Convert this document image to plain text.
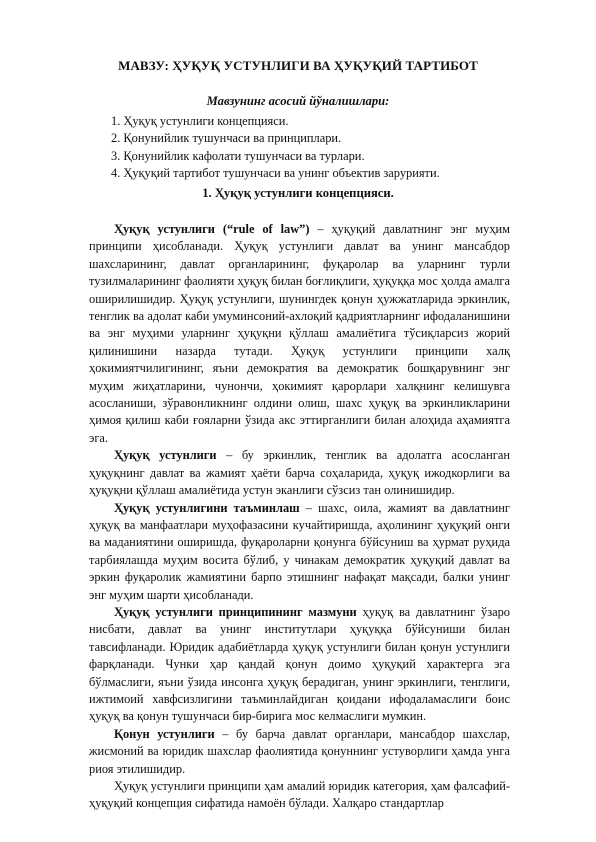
МАВЗУ: ҲУҚУҚ УСТУНЛИГИ ВА ҲУҚУҚИЙ ТАРТИБОТ
Мавзунинг асосий йўналишлари:
1. Ҳуқуқ устунлиги концепцияси.
2. Қонунийлик тушунчаси ва принциплари.
3. Қонунийлик кафолати тушунчаси ва турлари.
4. Ҳуқуқий тартибот тушунчаси ва унинг объектив зарурияти.
1. Ҳуқуқ устунлиги концепцияси.

Ҳуқуқ устунлиги (“rule of law”) – ҳуқуқий давлатнинг энг муҳим принципи ҳисобланади. Ҳуқуқ устунлиги давлат ва унинг мансабдор шахсларининг, давлат органларининг, фуқаролар ва уларнинг турли тузилмаларининг фаолияти ҳуқуқ билан боғлиқлиги, ҳуқуққа мос ҳолда амалга оширилишидир. Ҳуқуқ устунлиги, шунингдек қонун ҳужжатларида эркинлик, тенглик ва адолат каби умуминсоний-ахлоқий қадриятларнинг ифодаланишини ва энг муҳими уларнинг ҳуқуқни қўллаш амалиётига тўсиқларсиз жорий қилинишини назарда тутади. Ҳуқуқ устунлиги принципи халқ ҳокимиятчилигининг, яъни демократия ва демократик бошқарувнинг энг муҳим жиҳатларини, чунончи, ҳокимият қарорлари халқнинг келишувга асосланиши, зўравонликнинг олдини олиш, шахс ҳуқуқ ва эркинликларини ҳимоя қилиш каби ғояларни ўзида акс эттирганлиги билан алоҳида аҳамиятга эга.

Ҳуқуқ устунлиги – бу эркинлик, тенглик ва адолатга асосланган ҳуқуқнинг давлат ва жамият ҳаёти барча соҳаларида, ҳуқуқ ижодкорлиги ва ҳуқуқни қўллаш амалиётида устун эканлиги сўзсиз тан олинишидир.

Ҳуқуқ устунлигини таъминлаш – шахс, оила, жамият ва давлатнинг ҳуқуқ ва манфаатлари муҳофазасини кучайтиришда, аҳолининг ҳуқуқий онги ва маданиятини оширишда, фуқароларни қонунга бўйсуниш ва ҳурмат руҳида тарбиялашда муҳим восита бўлиб, у чинакам демократик ҳуқуқий давлат ва эркин фуқаролик жамиятини барпо этишнинг нафақат мақсади, балки унинг энг муҳим шарти ҳисобланади.

Ҳуқуқ устунлиги принципининг мазмуни ҳуқуқ ва давлатнинг ўзаро нисбати, давлат ва унинг институтлари ҳуқуққа бўйсуниши билан тавсифланади. Юридик адабиётларда ҳуқуқ устунлиги билан қонун устунлиги фарқланади. Чунки ҳар қандай қонун доимо ҳуқуқий характерга эга бўлмаслиги, яъни ўзида инсонга ҳуқуқ берадиган, унинг эркинлиги, тенглиги, ижтимоий хавфсизлигини таъминлайдиган қоидани ифодаламаслиги боис ҳуқуқ ва қонун тушунчаси бир-бирига мос келмаслиги мумкин.

Қонун устунлиги – бу барча давлат органлари, мансабдор шахслар, жисмоний ва юридик шахслар фаолиятида қонуннинг устуворлиги ҳамда унга риоя этилишидир.

Ҳуқуқ устунлиги принципи ҳам амалий юридик категория, ҳам фалсафий-ҳуқуқий концепция сифатида намоён бўлади. Халқаро стандартлар
